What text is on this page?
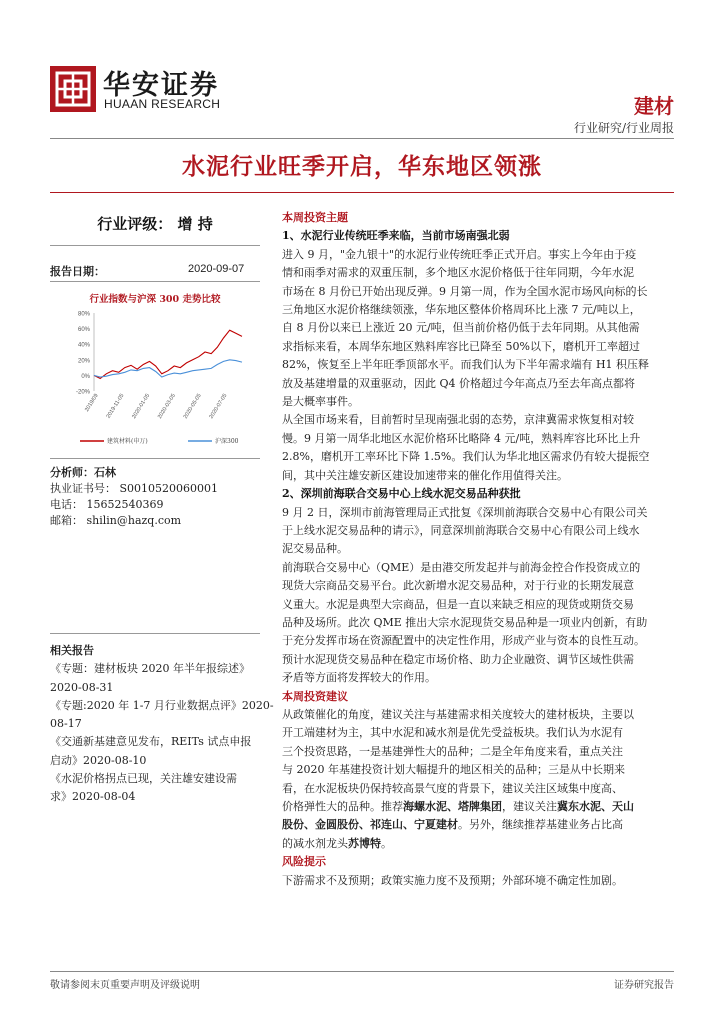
华安证券
HUAAN RESEARCH	建材
行业研究/行业周报
水泥行业旺季开启，华东地区领涨
行业评级： 增 持
报告日期：	2020-09-07
行业指数与沪深 300 走势比较
80%
60%
40%
20%
0%
-20%
2019/09 2019-11-05 2020-01-05 2020-03-05 2020-05-05 2020-07-05
建筑材料(申万)	沪深300
分析师：石林
执业证书号： S0010520060001
电话： 15652540369
邮箱： shilin@hazq.com
相关报告
《专题：建材板块 2020 年半年报综述》
2020-08-31
《专题:2020 年 1-7 月行业数据点评》2020-
08-17
《交通新基建意见发布，REITs 试点申报
启动》2020-08-10
《水泥价格拐点已现，关注雄安建设需
求》2020-08-04
本周投资主题
1、水泥行业传统旺季来临，当前市场南强北弱
进入 9 月，"金九银十"的水泥行业传统旺季正式开启。事实上今年由于疫
情和雨季对需求的双重压制，多个地区水泥价格低于往年同期，今年水泥
市场在 8 月份已开始出现反弹。9 月第一周，作为全国水泥市场风向标的长
三角地区水泥价格继续领涨，华东地区整体价格周环比上涨 7 元/吨以上，
自 8 月份以来已上涨近 20 元/吨，但当前价格仍低于去年同期。从其他需
求指标来看，本周华东地区熟料库容比已降至 50%以下，磨机开工率超过
82%，恢复至上半年旺季顶部水平。而我们认为下半年需求端有 H1 积压释
放及基建增量的双重驱动，因此 Q4 价格超过今年高点乃至去年高点都将
是大概率事件。
从全国市场来看，目前暂时呈现南强北弱的态势，京津冀需求恢复相对较
慢。9 月第一周华北地区水泥价格环比略降 4 元/吨，熟料库容比环比上升
2.8%，磨机开工率环比下降 1.5%。我们认为华北地区需求仍有较大提振空
间，其中关注雄安新区建设加速带来的催化作用值得关注。
2、深圳前海联合交易中心上线水泥交易品种获批
9 月 2 日，深圳市前海管理局正式批复《深圳前海联合交易中心有限公司关
于上线水泥交易品种的请示》，同意深圳前海联合交易中心有限公司上线水
泥交易品种。
前海联合交易中心（QME）是由港交所发起并与前海金控合作投资成立的
现货大宗商品交易平台。此次新增水泥交易品种，对于行业的长期发展意
义重大。水泥是典型大宗商品，但是一直以来缺乏相应的现货或期货交易
品种及场所。此次 QME 推出大宗水泥现货交易品种是一项业内创新，有助
于充分发挥市场在资源配置中的决定性作用，形成产业与资本的良性互动。
预计水泥现货交易品种在稳定市场价格、助力企业融资、调节区域性供需
矛盾等方面将发挥较大的作用。
本周投资建议
从政策催化的角度，建议关注与基建需求相关度较大的建材板块，主要以
开工端建材为主，其中水泥和减水剂是优先受益板块。我们认为水泥有
三个投资思路，一是基建弹性大的品种；二是全年角度来看，重点关注
与 2020 年基建投资计划大幅提升的地区相关的品种；三是从中长期来
看，在水泥板块仍保持较高景气度的背景下，建议关注区域集中度高、
价格弹性大的品种。推荐海螺水泥、塔牌集团，建议关注冀东水泥、天山
股份、金圆股份、祁连山、宁夏建材。另外，继续推荐基建业务占比高
的减水剂龙头苏博特。
风险提示
下游需求不及预期；政策实施力度不及预期；外部环境不确定性加剧。
敬请参阅末页重要声明及评级说明	证券研究报告
